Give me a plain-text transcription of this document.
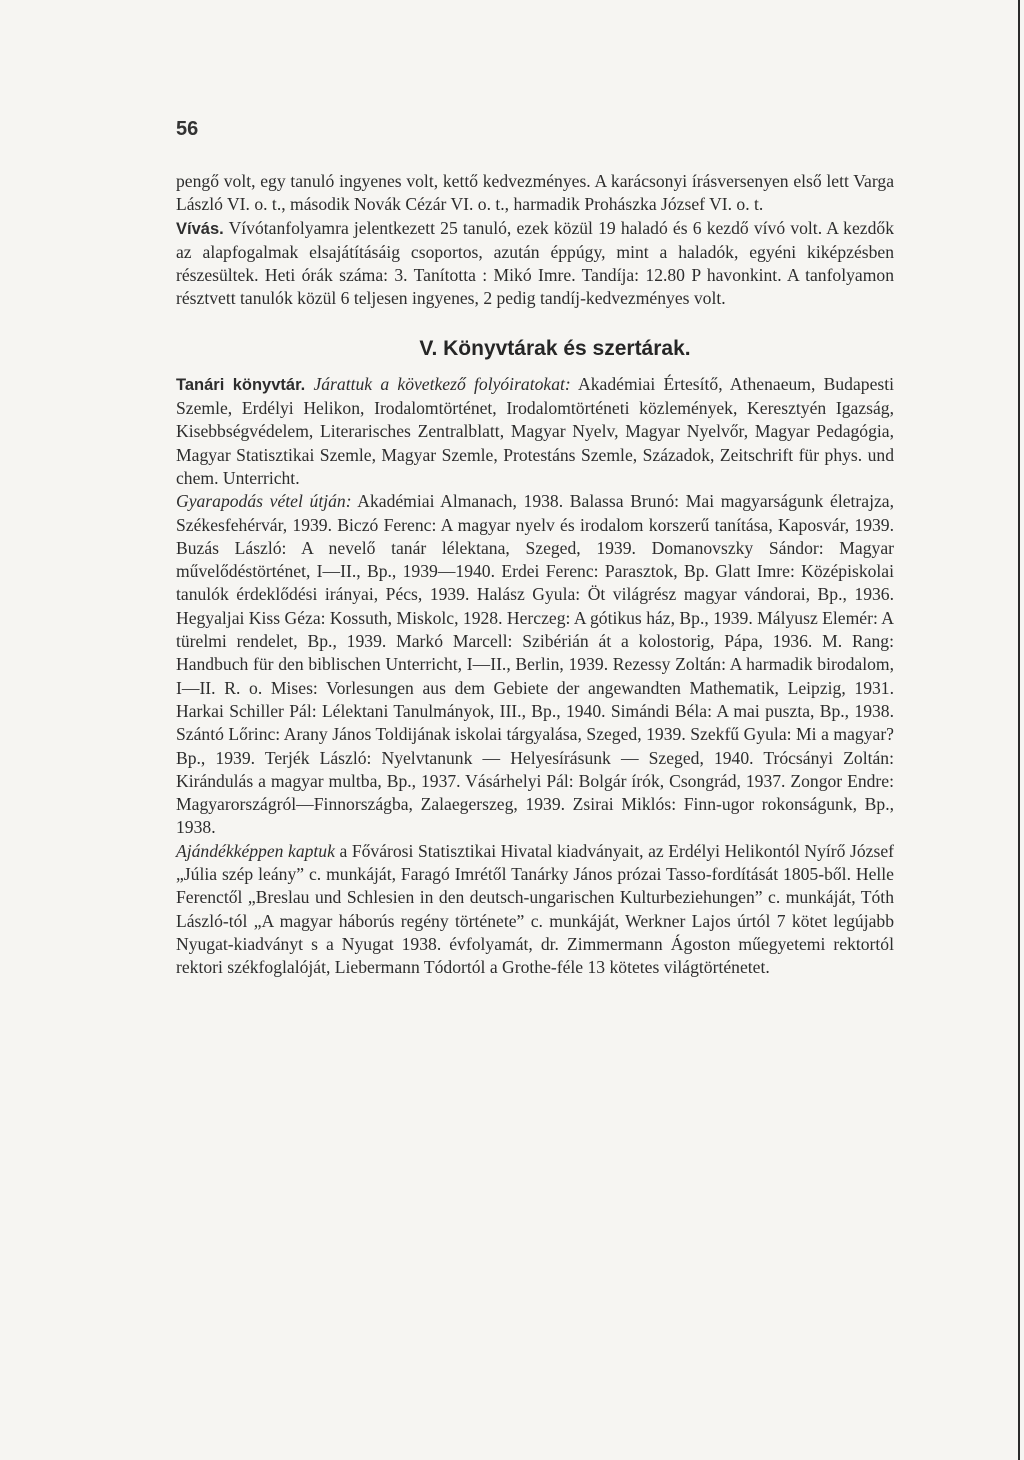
56

pengő volt, egy tanuló ingyenes volt, kettő kedvezményes. A karácsonyi írásversenyen első lett Varga László VI. o. t., második Novák Cézár VI. o. t., harmadik Prohászka József VI. o. t.

Vívás. Vívótanfolyamra jelentkezett 25 tanuló, ezek közül 19 haladó és 6 kezdő vívó volt. A kezdők az alapfogalmak elsajátításáig csoportos, azután éppúgy, mint a haladók, egyéni kiképzésben részesültek. Heti órák száma: 3. Tanította : Mikó Imre. Tandíja: 12.80 P havonkint. A tanfolyamon résztvett tanulók közül 6 teljesen ingyenes, 2 pedig tandíj-kedvezményes volt.

V. Könyvtárak és szertárak.

Tanári könyvtár. Járattuk a következő folyóiratokat: Akadémiai Értesítő, Athenaeum, Budapesti Szemle, Erdélyi Helikon, Irodalomtörténet, Irodalomtörténeti közlemények, Keresztyén Igazság, Kisebbségvédelem, Literarisches Zentralblatt, Magyar Nyelv, Magyar Nyelvőr, Magyar Pedagógia, Magyar Statisztikai Szemle, Magyar Szemle, Protestáns Szemle, Századok, Zeitschrift für phys. und chem. Unterricht.

Gyarapodás vétel útján: Akadémiai Almanach, 1938. Balassa Brunó: Mai magyarságunk életrajza, Székesfehérvár, 1939. Biczó Ferenc: A magyar nyelv és irodalom korszerű tanítása, Kaposvár, 1939. Buzás László: A nevelő tanár lélektana, Szeged, 1939. Domanovszky Sándor: Magyar művelődéstörténet, I—II., Bp., 1939—1940. Erdei Ferenc: Parasztok, Bp. Glatt Imre: Középiskolai tanulók érdeklődési irányai, Pécs, 1939. Halász Gyula: Öt világrész magyar vándorai, Bp., 1936. Hegyaljai Kiss Géza: Kossuth, Miskolc, 1928. Herczeg: A gótikus ház, Bp., 1939. Mályusz Elemér: A türelmi rendelet, Bp., 1939. Markó Marcell: Szibérián át a kolostorig, Pápa, 1936. M. Rang: Handbuch für den biblischen Unterricht, I—II., Berlin, 1939. Rezessy Zoltán: A harmadik birodalom, I—II. R. o. Mises: Vorlesungen aus dem Gebiete der angewandten Mathematik, Leipzig, 1931. Harkai Schiller Pál: Lélektani Tanulmányok, III., Bp., 1940. Simándi Béla: A mai puszta, Bp., 1938. Szántó Lőrinc: Arany János Toldijának iskolai tárgyalása, Szeged, 1939. Szekfű Gyula: Mi a magyar? Bp., 1939. Terjék László: Nyelvtanunk — Helyesírásunk — Szeged, 1940. Trócsányi Zoltán: Kirándulás a magyar multba, Bp., 1937. Vásárhelyi Pál: Bolgár írók, Csongrád, 1937. Zongor Endre: Magyarországról—Finnországba, Zalaegerszeg, 1939. Zsirai Miklós: Finn-ugor rokonságunk, Bp., 1938.

Ajándékképpen kaptuk a Fővárosi Statisztikai Hivatal kiadványait, az Erdélyi Helikontól Nyírő József „Júlia szép leány” c. munkáját, Faragó Imrétől Tanárky János prózai Tasso-fordítását 1805-ből. Helle Ferenctől „Breslau und Schlesien in den deutsch-ungarischen Kulturbeziehungen” c. munkáját, Tóth László-tól „A magyar háborús regény története” c. munkáját, Werkner Lajos úrtól 7 kötet legújabb Nyugat-kiadványt s a Nyugat 1938. évfolyamát, dr. Zimmermann Ágoston műegyetemi rektortól rektori székfoglalóját, Liebermann Tódortól a Grothe-féle 13 kötetes világtörténetet.
